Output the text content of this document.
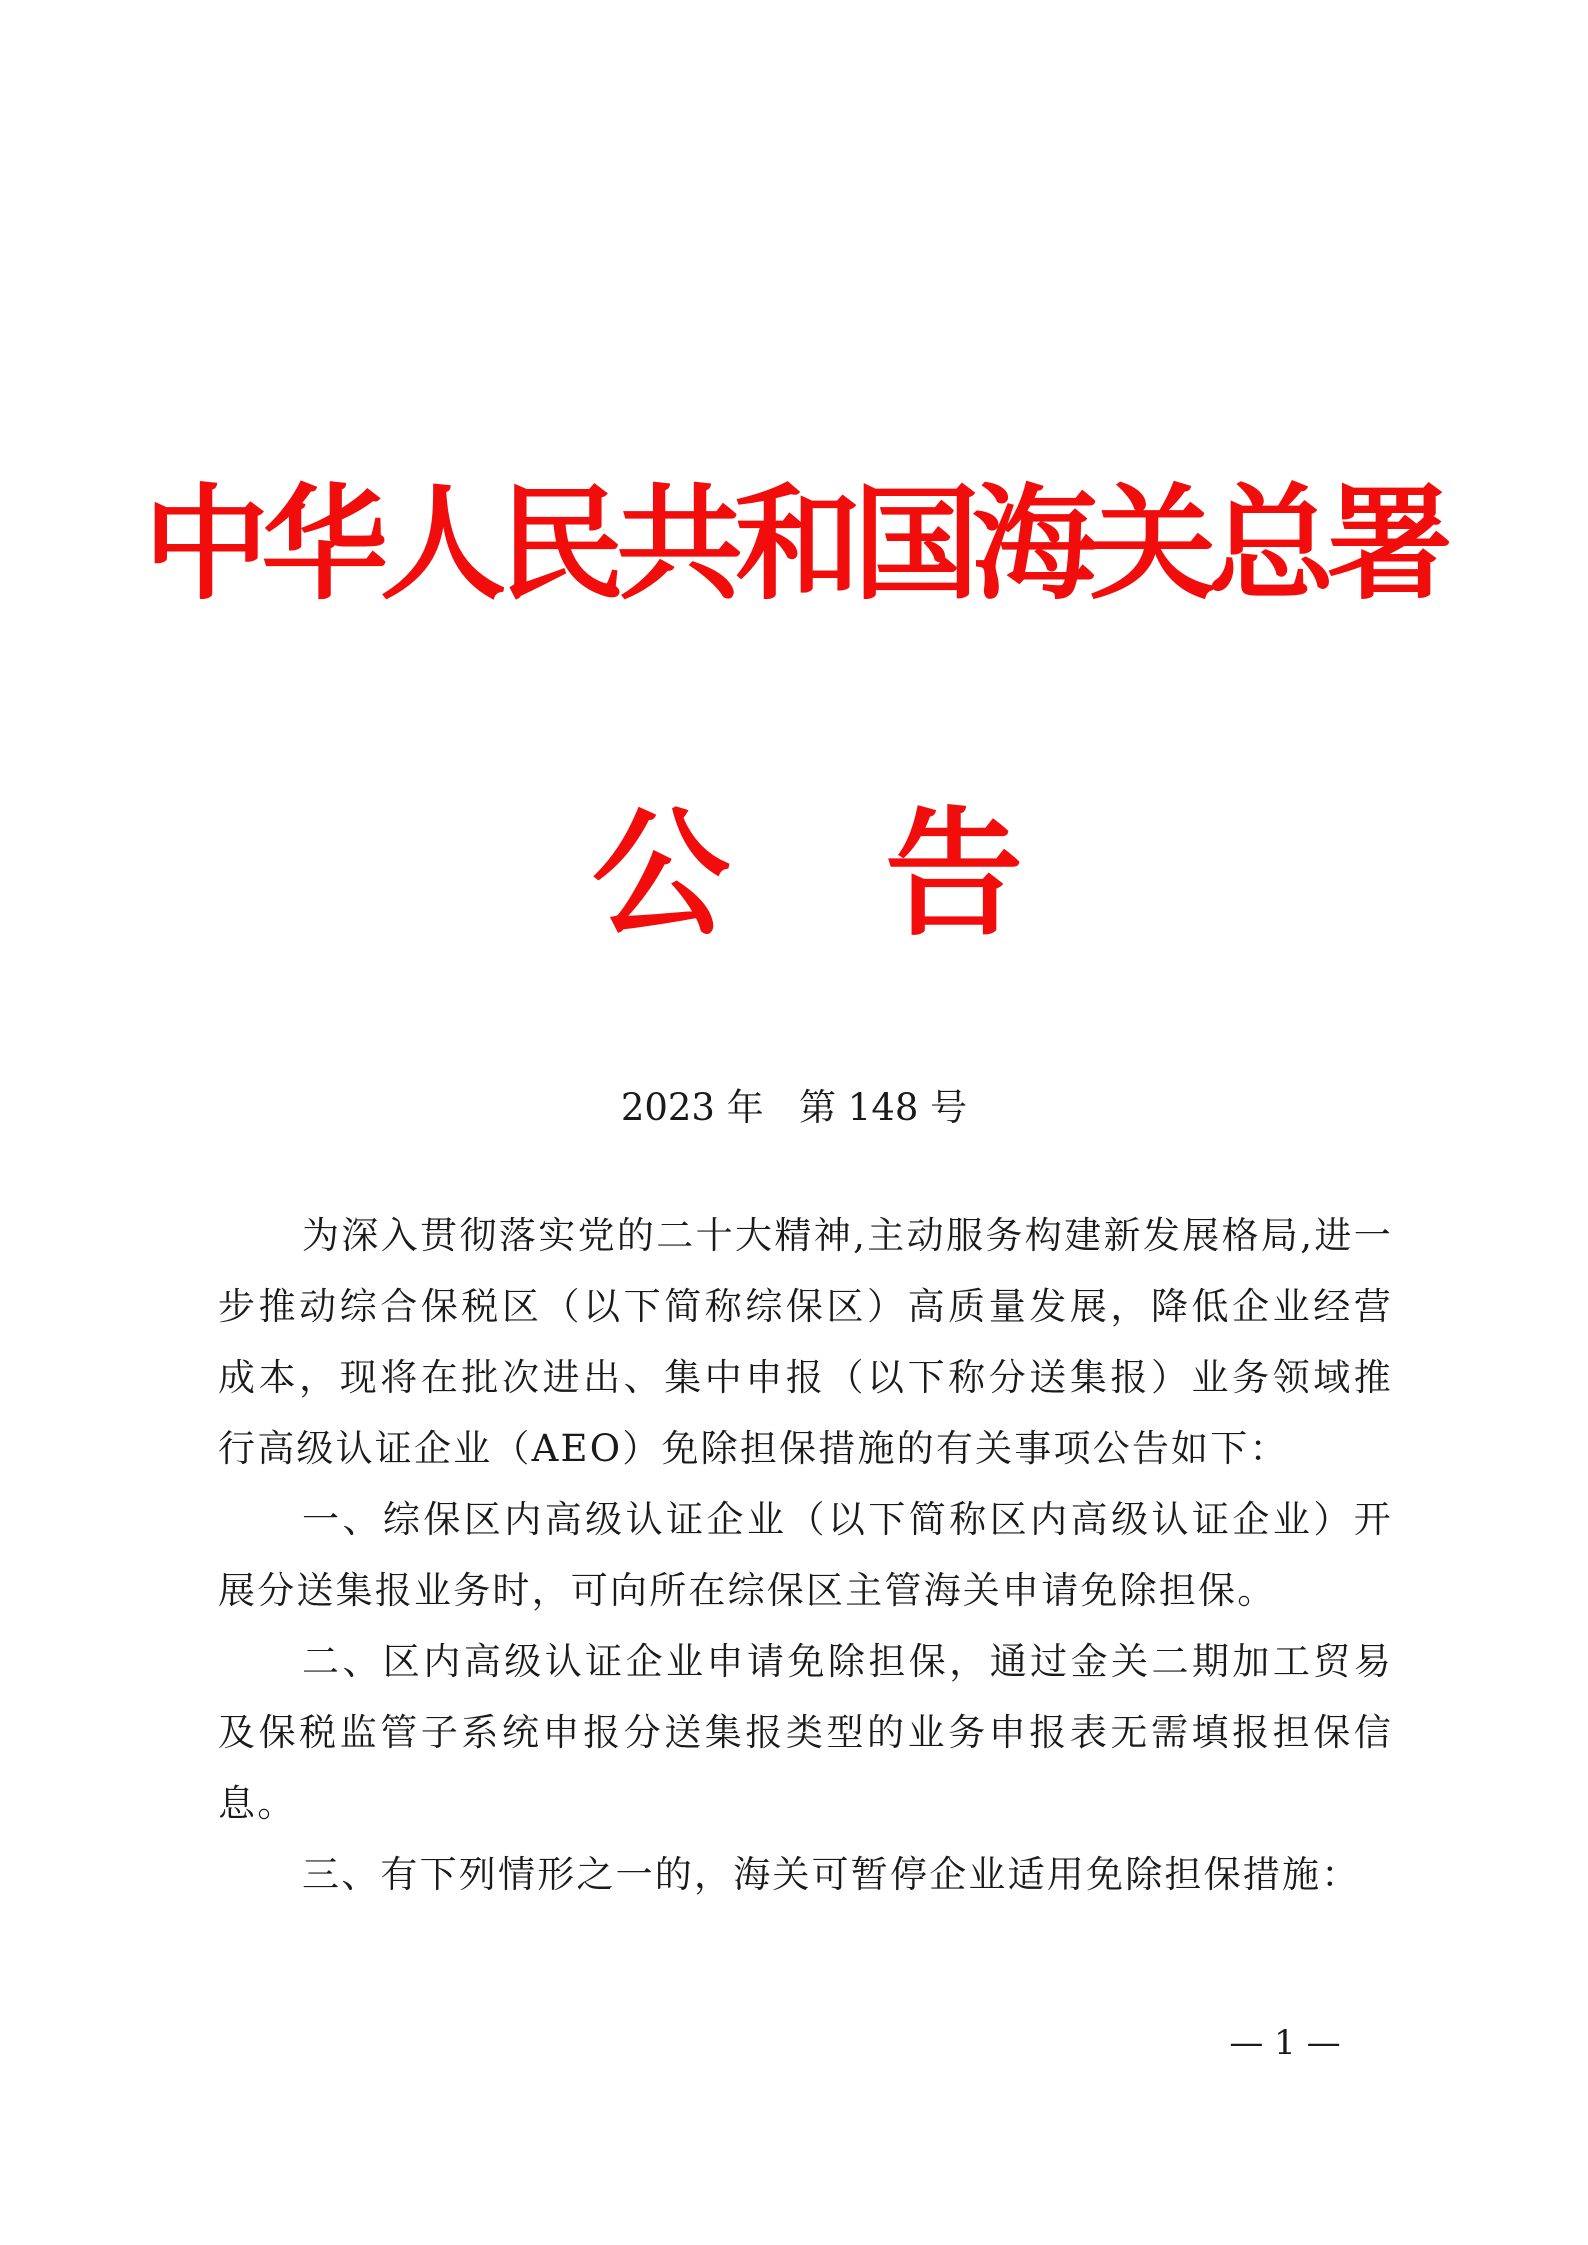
中华人民共和国海关总署
公 告
2023 年   第 148 号

为深入贯彻落实党的二十大精神,主动服务构建新发展格局,进一步推动综合保税区（以下简称综保区）高质量发展，降低企业经营成本，现将在批次进出、集中申报（以下称分送集报）业务领域推行高级认证企业（AEO）免除担保措施的有关事项公告如下：

一、综保区内高级认证企业（以下简称区内高级认证企业）开展分送集报业务时，可向所在综保区主管海关申请免除担保。

二、区内高级认证企业申请免除担保，通过金关二期加工贸易及保税监管子系统申报分送集报类型的业务申报表无需填报担保信息。

三、有下列情形之一的，海关可暂停企业适用免除担保措施：

— 1 —
